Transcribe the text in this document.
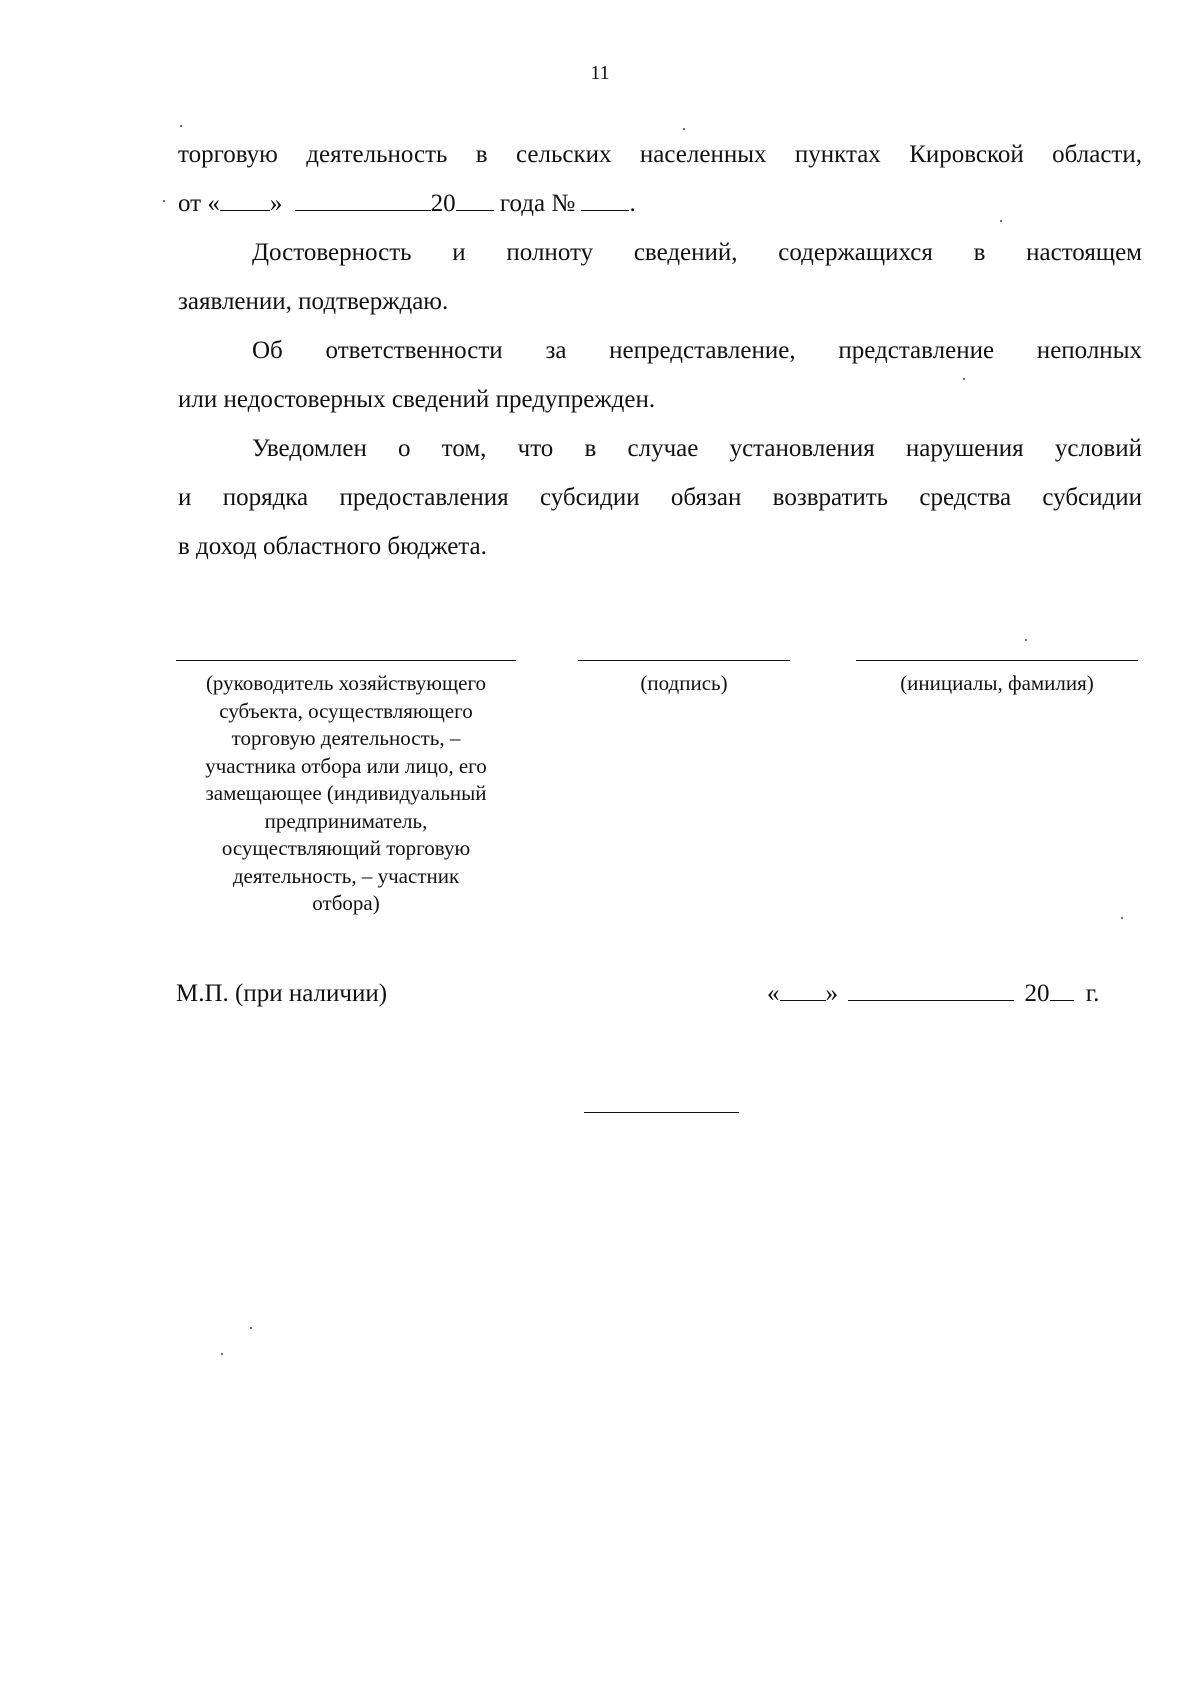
11
торговую деятельность в сельских населенных пунктах Кировской области,
от « »	20 года № .
Достоверность и полноту сведений, содержащихся в настоящем
заявлении, подтверждаю.
Об ответственности за непредставление, представление неполных
или недостоверных сведений предупрежден.
Уведомлен о том, что в случае установления нарушения условий
и порядка предоставления субсидии обязан возвратить средства субсидии
в доход областного бюджета.
(руководитель хозяйствующего
субъекта, осуществляющего
торговую деятельность, –
участника отбора или лицо, его
замещающее (индивидуальный
предприниматель,
осуществляющий торговую
деятельность, – участник
отбора)
(подпись)	(инициалы, фамилия)
М.П. (при наличии)	« »	20 г.
